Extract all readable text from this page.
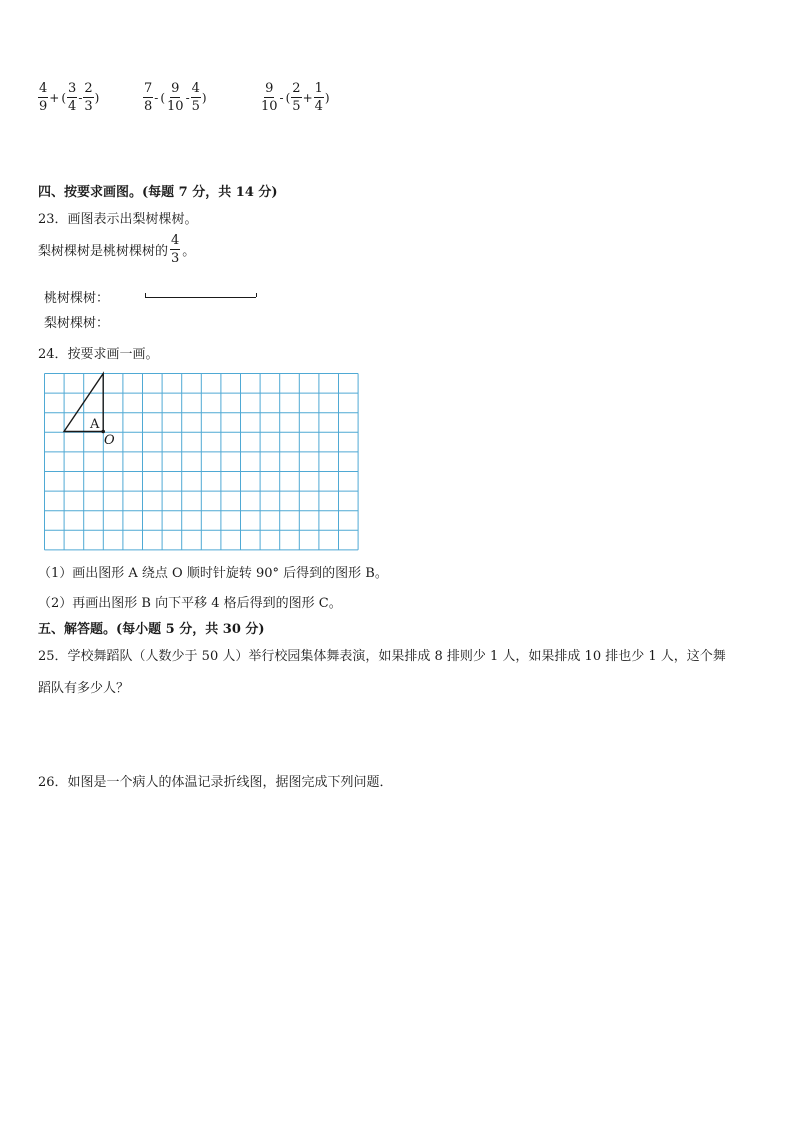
$\frac{4}{9}$ + ( $\frac{3}{4} - \frac{2}{3}$ )	$\frac{7}{8}$ - ( $\frac{9}{10} - \frac{4}{5}$ )	$\frac{9}{10}$ - ( $\frac{2}{5} + \frac{1}{4}$ )
四、按要求画图。(每题 7 分，共 14 分)
23．画图表示出梨树棵树。
梨树棵树是桃树棵树的 $\frac{4}{3}$ 。
桃树棵树：
梨树棵树：
24．按要求画一画。
A
O
（1）画出图形 A 绕点 O 顺时针旋转 90° 后得到的图形 B。
（2）再画出图形 B 向下平移 4 格后得到的图形 C。
五、解答题。(每小题 5 分，共 30 分)
25．学校舞蹈队（人数少于 50 人）举行校园集体舞表演，如果排成 8 排则少 1 人，如果排成 10 排也少 1 人，这个舞
蹈队有多少人？
26．如图是一个病人的体温记录折线图，据图完成下列问题．
